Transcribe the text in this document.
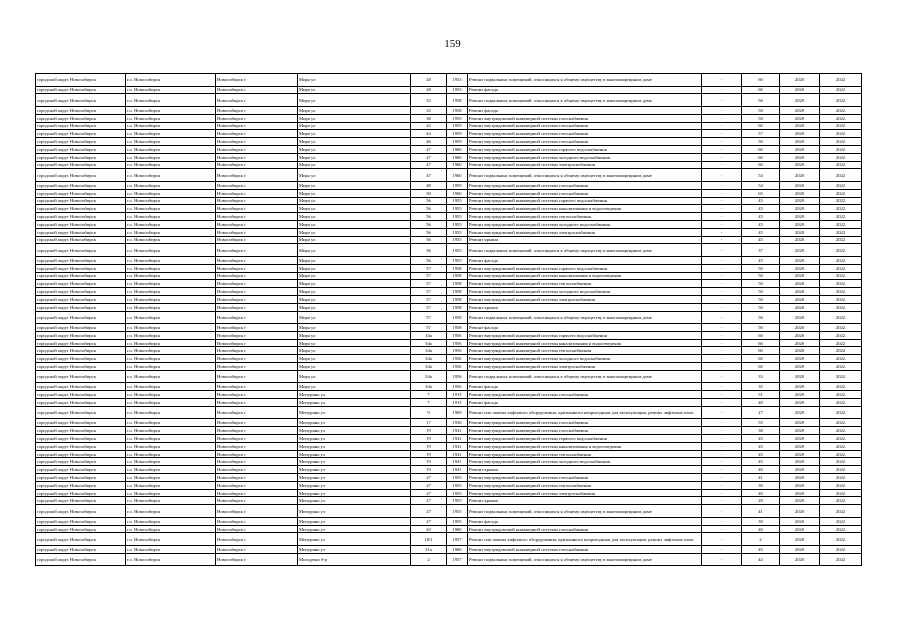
159
городской округ Новосибирск	г.о. Новосибирск	Новосибирск г	Мира ул	28	1953	Ремонт подвальных помещений, относящихся к общему имуществу в многоквартирном доме	-	60	2020	2022
городской округ Новосибирск	г.о. Новосибирск	Новосибирск г	Мира ул	28	1953	Ремонт фасада	-	60	2020	2022
городской округ Новосибирск	г.о. Новосибирск	Новосибирск г	Мира ул	33	1958	Ремонт подвальных помещений, относящихся к общему имуществу в многоквартирном доме	-	56	2020	2022
городской округ Новосибирск	г.о. Новосибирск	Новосибирск г	Мира ул	33	1958	Ремонт фасада	-	50	2020	2022
городской округ Новосибирск	г.о. Новосибирск	Новосибирск г	Мира ул	38	1959	Ремонт внутридомовой инженерной системы газоснабжения	-	50	2020	2022
городской округ Новосибирск	г.о. Новосибирск	Новосибирск г	Мира ул	42	1959	Ремонт внутридомовой инженерной системы газоснабжения	-	60	2020	2022
городской округ Новосибирск	г.о. Новосибирск	Новосибирск г	Мира ул	44	1959	Ремонт внутридомовой инженерной системы газоснабжения	-	57	2020	2022
городской округ Новосибирск	г.о. Новосибирск	Новосибирск г	Мира ул	46	1959	Ремонт внутридомовой инженерной системы газоснабжения	-	50	2020	2022
городской округ Новосибирск	г.о. Новосибирск	Новосибирск г	Мира ул	47	1960	Ремонт внутридомовой инженерной системы горячего водоснабжения	-	60	2020	2022
городской округ Новосибирск	г.о. Новосибирск	Новосибирск г	Мира ул	47	1960	Ремонт внутридомовой инженерной системы холодного водоснабжения	-	60	2020	2022
городской округ Новосибирск	г.о. Новосибирск	Новосибирск г	Мира ул	47	1960	Ремонт внутридомовой инженерной системы электроснабжения	-	60	2020	2022
городской округ Новосибирск	г.о. Новосибирск	Новосибирск г	Мира ул	47	1960	Ремонт подвальных помещений, относящихся к общему имуществу в многоквартирном доме	-	54	2020	2022
городской округ Новосибирск	г.о. Новосибирск	Новосибирск г	Мира ул	48	1959	Ремонт внутридомовой инженерной системы газоснабжения	-	54	2020	2022
городской округ Новосибирск	г.о. Новосибирск	Новосибирск г	Мира ул	50	1960	Ремонт внутридомовой инженерной системы газоснабжения	-	65	2020	2022
городской округ Новосибирск	г.о. Новосибирск	Новосибирск г	Мира ул	56	1955	Ремонт внутридомовой инженерной системы горячего водоснабжения	-	45	2020	2022
городской округ Новосибирск	г.о. Новосибирск	Новосибирск г	Мира ул	56	1955	Ремонт внутридомовой инженерной системы канализования и водоотведения	-	45	2020	2022
городской округ Новосибирск	г.о. Новосибирск	Новосибирск г	Мира ул	56	1955	Ремонт внутридомовой инженерной системы теплоснабжения	-	45	2020	2022
городской округ Новосибирск	г.о. Новосибирск	Новосибирск г	Мира ул	56	1955	Ремонт внутридомовой инженерной системы холодного водоснабжения	-	45	2020	2022
городской округ Новосибирск	г.о. Новосибирск	Новосибирск г	Мира ул	56	1955	Ремонт внутридомовой инженерной системы электроснабжения	-	45	2020	2022
городской округ Новосибирск	г.о. Новосибирск	Новосибирск г	Мира ул	56	1955	Ремонт крыши	-	45	2020	2022
городской округ Новосибирск	г.о. Новосибирск	Новосибирск г	Мира ул	56	1955	Ремонт подвальных помещений, относящихся к общему имуществу в многоквартирном доме	-	37	2020	2022
городской округ Новосибирск	г.о. Новосибирск	Новосибирск г	Мира ул	56	1955	Ремонт фасада	-	45	2020	2022
городской округ Новосибирск	г.о. Новосибирск	Новосибирск г	Мира ул	57	1958	Ремонт внутридомовой инженерной системы горячего водоснабжения	-	50	2020	2022
городской округ Новосибирск	г.о. Новосибирск	Новосибирск г	Мира ул	57	1958	Ремонт внутридомовой инженерной системы канализования и водоотведения	-	50	2020	2022
городской округ Новосибирск	г.о. Новосибирск	Новосибирск г	Мира ул	57	1958	Ремонт внутридомовой инженерной системы теплоснабжения	-	50	2020	2022
городской округ Новосибирск	г.о. Новосибирск	Новосибирск г	Мира ул	57	1958	Ремонт внутридомовой инженерной системы холодного водоснабжения	-	50	2020	2022
городской округ Новосибирск	г.о. Новосибирск	Новосибирск г	Мира ул	57	1958	Ремонт внутридомовой инженерной системы электроснабжения	-	50	2020	2022
городской округ Новосибирск	г.о. Новосибирск	Новосибирск г	Мира ул	57	1958	Ремонт крыши	-	50	2020	2022
городской округ Новосибирск	г.о. Новосибирск	Новосибирск г	Мира ул	57	1958	Ремонт подвальных помещений, относящихся к общему имуществу в многоквартирном доме	-	56	2020	2022
городской округ Новосибирск	г.о. Новосибирск	Новосибирск г	Мира ул	57	1958	Ремонт фасада	-	50	2020	2022
городской округ Новосибирск	г.о. Новосибирск	Новосибирск г	Мира ул	34а	1956	Ремонт внутридомовой инженерной системы горячего водоснабжения	-	60	2020	2022
городской округ Новосибирск	г.о. Новосибирск	Новосибирск г	Мира ул	34а	1956	Ремонт внутридомовой инженерной системы канализования и водоотведения	-	60	2020	2022
городской округ Новосибирск	г.о. Новосибирск	Новосибирск г	Мира ул	34а	1956	Ремонт внутридомовой инженерной системы теплоснабжения	-	60	2020	2022
городской округ Новосибирск	г.о. Новосибирск	Новосибирск г	Мира ул	34а	1956	Ремонт внутридомовой инженерной системы холодного водоснабжения	-	60	2020	2022
городской округ Новосибирск	г.о. Новосибирск	Новосибирск г	Мира ул	34а	1956	Ремонт внутридомовой инженерной системы электроснабжения	-	60	2020	2022
городской округ Новосибирск	г.о. Новосибирск	Новосибирск г	Мира ул	34а	1956	Ремонт подвальных помещений, относящихся к общему имуществу в многоквартирном доме	-	33	2020	2022
городской округ Новосибирск	г.о. Новосибирск	Новосибирск г	Мира ул	34а	1956	Ремонт фасада	-	35	2020	2022
городской округ Новосибирск	г.о. Новосибирск	Новосибирск г	Мичурина ул	7	1915	Ремонт внутридомовой инженерной системы газоснабжения	-	51	2020	2022
городской округ Новосибирск	г.о. Новосибирск	Новосибирск г	Мичурина ул	7	1915	Ремонт фасада	-	40	2020	2022
городской округ Новосибирск	г.о. Новосибирск	Новосибирск г	Мичурина ул	9	1969	Ремонт или замена лифтового оборудования, признанного непригодным для эксплуатации, ремонт лифтовых шахт	-	27	2020	2022
городской округ Новосибирск	г.о. Новосибирск	Новосибирск г	Мичурина ул	17	1936	Ремонт внутридомовой инженерной системы газоснабжения	-	55	2020	2022
городской округ Новосибирск	г.о. Новосибирск	Новосибирск г	Мичурина ул	19	1941	Ремонт внутридомовой инженерной системы газоснабжения	-	38	2020	2022
городской округ Новосибирск	г.о. Новосибирск	Новосибирск г	Мичурина ул	19	1941	Ремонт внутридомовой инженерной системы горячего водоснабжения	-	45	2020	2022
городской округ Новосибирск	г.о. Новосибирск	Новосибирск г	Мичурина ул	19	1941	Ремонт внутридомовой инженерной системы канализования и водоотведения	-	45	2020	2022
городской округ Новосибирск	г.о. Новосибирск	Новосибирск г	Мичурина ул	19	1941	Ремонт внутридомовой инженерной системы теплоснабжения	-	45	2020	2022
городской округ Новосибирск	г.о. Новосибирск	Новосибирск г	Мичурина ул	19	1941	Ремонт внутридомовой инженерной системы холодного водоснабжения	-	45	2020	2022
городской округ Новосибирск	г.о. Новосибирск	Новосибирск г	Мичурина ул	19	1941	Ремонт крыши	-	40	2020	2022
городской округ Новосибирск	г.о. Новосибирск	Новосибирск г	Мичурина ул	27	1955	Ремонт внутридомовой инженерной системы газоснабжения	-	41	2020	2022
городской округ Новосибирск	г.о. Новосибирск	Новосибирск г	Мичурина ул	27	1955	Ремонт внутридомовой инженерной системы теплоснабжения	-	30	2020	2022
городской округ Новосибирск	г.о. Новосибирск	Новосибирск г	Мичурина ул	27	1955	Ремонт внутридомовой инженерной системы электроснабжения	-	40	2020	2022
городской округ Новосибирск	г.о. Новосибирск	Новосибирск г	Мичурина ул	27	1955	Ремонт крыши	-	20	2020	2022
городской округ Новосибирск	г.о. Новосибирск	Новосибирск г	Мичурина ул	27	1955	Ремонт подвальных помещений, относящихся к общему имуществу в многоквартирном доме	-	41	2020	2022
городской округ Новосибирск	г.о. Новосибирск	Новосибирск г	Мичурина ул	27	1955	Ремонт фасада	-	30	2020	2022
городской округ Новосибирск	г.о. Новосибирск	Новосибирск г	Мичурина ул	43	1960	Ремонт внутридомовой инженерной системы газоснабжения	-	40	2020	2022
городской округ Новосибирск	г.о. Новосибирск	Новосибирск г	Мичурина ул	18/1	1957	Ремонт или замена лифтового оборудования, признанного непригодным для эксплуатации, ремонт лифтовых шахт	-	2	2020	2022
городской округ Новосибирск	г.о. Новосибирск	Новосибирск г	Мичурина ул	21а	1960	Ремонт внутридомовой инженерной системы газоснабжения	-	45	2020	2022
городской округ Новосибирск	г.о. Новосибирск	Новосибирск г	Молодежи б-р	2	1957	Ремонт подвальных помещений, относящихся к общему имуществу в многоквартирном доме	-	42	2020	2022
